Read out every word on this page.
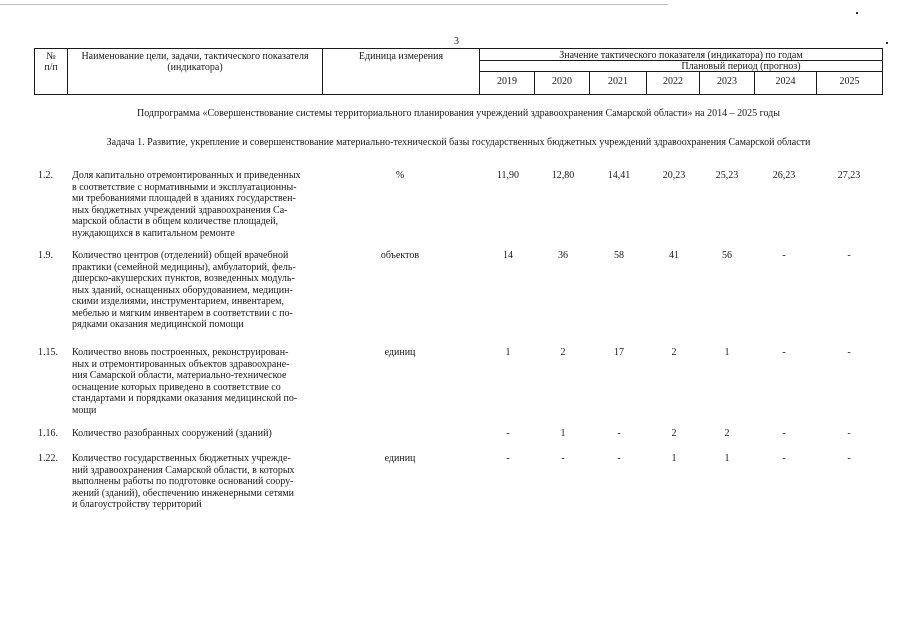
3
№
п/п
Наименование цели, задачи, тактического показателя (индикатора)
Единица измерения	Значение тактического показателя (индикатора) по годам
Плановый период (прогноз)
2019	2020	2021	2022	2023	2024	2025
Подпрограмма «Совершенствование системы территориального планирования учреждений здравоохранения Самарской области» на 2014 – 2025 годы
Задача 1. Развитие, укрепление и совершенствование материально-технической базы государственных бюджетных учреждений здравоохранения Самарской области
1.2. Доля капитально отремонтированных и приведенных
в соответствие с нормативными и эксплуатационны-
ми требованиями площадей в зданиях государствен-
ных бюджетных учреждений здравоохранения Са-
марской области в общем количестве площадей,
нуждающихся в капитальном ремонте
%	11,90	12,80	14,41	20,23	25,23	26,23	27,23
1.9. Количество центров (отделений) общей врачебной
практики (семейной медицины), амбулаторий, фель-
дшерско-акушерских пунктов, возведенных модуль-
ных зданий, оснащенных оборудованием, медицин-
скими изделиями, инструментарием, инвентарем,
мебелью и мягким инвентарем в соответствии с по-
рядками оказания медицинской помощи
объектов	14	36	58	41	56	-	-
1.15. Количество вновь построенных, реконструирован-
ных и отремонтированных объектов здравоохране-
ния Самарской области, материально-техническое
оснащение которых приведено в соответствие со
стандартами и порядками оказания медицинской по-
мощи
единиц	1	2	17	2	1	-	-
1.16. Количество разобранных сооружений (зданий)	-	1	-	2	2	-	-
1.22. Количество государственных бюджетных учрежде-
ний здравоохранения Самарской области, в которых
выполнены работы по подготовке оснований соору-
жений (зданий), обеспечению инженерными сетями
и благоустройству территорий
единиц	-	-	-	1	1	-	-
